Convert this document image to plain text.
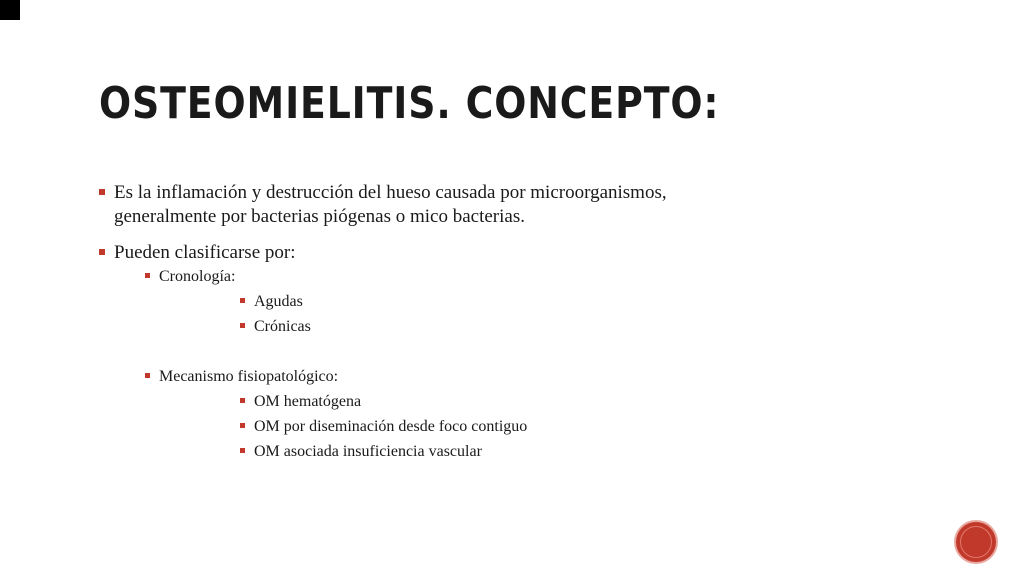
OSTEOMIELITIS. CONCEPTO:
Es la inflamación y destrucción del hueso causada por microorganismos,
generalmente por bacterias piógenas o mico bacterias.
Pueden clasificarse por:
Cronología:
Agudas
Crónicas
Mecanismo fisiopatológico:
OM hematógena
OM por diseminación desde foco contiguo
OM asociada insuficiencia vascular
